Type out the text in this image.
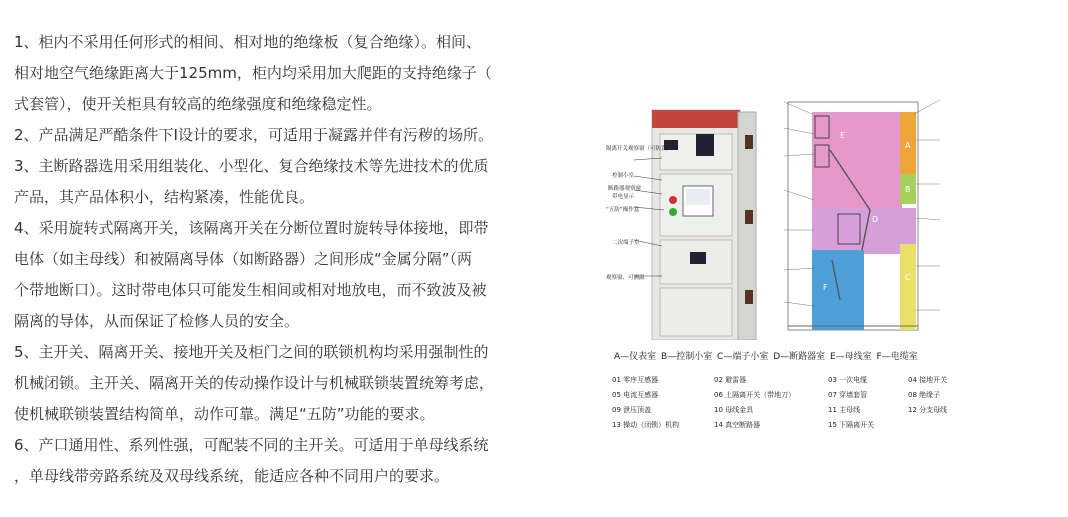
1、柜内不采用任何形式的相间、相对地的绝缘板（复合绝缘）。相间、
相对地空气绝缘距离大于125mm，柜内均采用加大爬距的支持绝缘子（
式套管），使开关柜具有较高的绝缘强度和绝缘稳定性。
2、产品满足严酷条件下I设计的要求，可适用于凝露并伴有污秽的场所。
3、主断路器选用采用组装化、小型化、复合绝缘技术等先进技术的优质
产品，其产品体积小，结构紧凑，性能优良。
4、采用旋转式隔离开关，该隔离开关在分断位置时旋转导体接地，即带
电体（如主母线）和被隔离导体（如断路器）之间形成“金属分隔”（两
个带地断口）。这时带电体只可能发生相间或相对地放电，而不致波及被
隔离的导体，从而保证了检修人员的安全。
5、主开关、隔离开关、接地开关及柜门之间的联锁机构均采用强制性的
机械闭锁。主开关、隔离开关的传动操作设计与机械联锁装置统筹考虑，
使机械联锁装置结构简单，动作可靠。满足“五防”功能的要求。
6、产口通用性、系列性强，可配装不同的主开关。可适用于单母线系统
，单母线带旁路系统及双母线系统，能适应各种不同用户的要求。
A
B
C
D
E
F
隔离开关观察窗（可防误）
控制小室
断路器观察窗
带电显示
“五防”操作盒
二次端子室
观察窗、可测温
A—仪表室 B—控制小室 C—端子小室 D—断路器室 E—母线室 F—电缆室
01 零序互感器	02 避雷器	03 一次电缆	04 接地开关
05 电流互感器	06 上隔离开关（带地刀）	07 穿墙套管	08 绝缘子
09 泄压顶盖	10 母线金具	11 主母线	12 分支母线
13 操动（闭锁）机构	14 真空断路器	15 下隔离开关
